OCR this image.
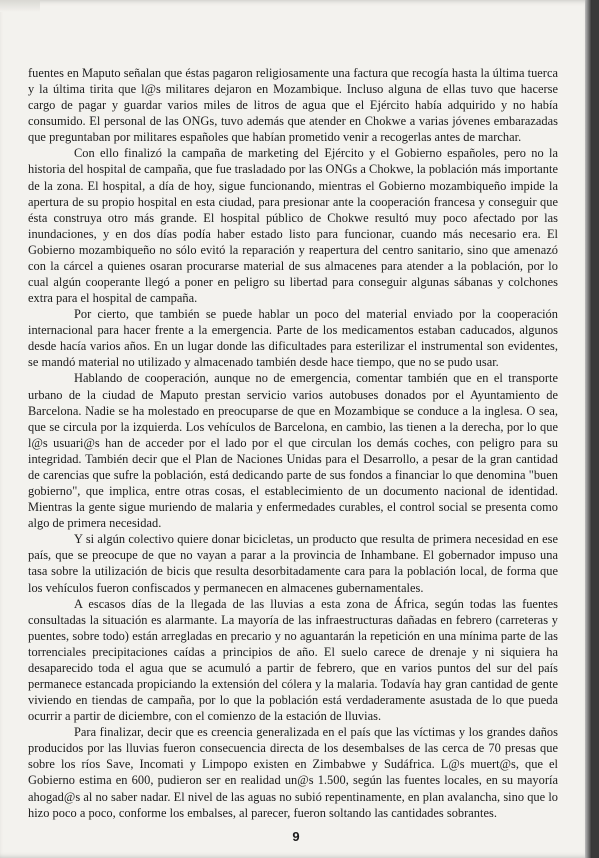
fuentes en Maputo señalan que éstas pagaron religiosamente una factura que recogía hasta la última tuerca y la última tirita que l@s militares dejaron en Mozambique. Incluso alguna de ellas tuvo que hacerse cargo de pagar y guardar varios miles de litros de agua que el Ejército había adquirido y no había consumido. El personal de las ONGs, tuvo además que atender en Chokwe a varias jóvenes embarazadas que preguntaban por militares españoles que habían prometido venir a recogerlas antes de marchar.

Con ello finalizó la campaña de marketing del Ejército y el Gobierno españoles, pero no la historia del hospital de campaña, que fue trasladado por las ONGs a Chokwe, la población más importante de la zona. El hospital, a día de hoy, sigue funcionando, mientras el Gobierno mozambiqueño impide la apertura de su propio hospital en esta ciudad, para presionar ante la cooperación francesa y conseguir que ésta construya otro más grande. El hospital público de Chokwe resultó muy poco afectado por las inundaciones, y en dos días podía haber estado listo para funcionar, cuando más necesario era. El Gobierno mozambiqueño no sólo evitó la reparación y reapertura del centro sanitario, sino que amenazó con la cárcel a quienes osaran procurarse material de sus almacenes para atender a la población, por lo cual algún cooperante llegó a poner en peligro su libertad para conseguir algunas sábanas y colchones extra para el hospital de campaña.

Por cierto, que también se puede hablar un poco del material enviado por la cooperación internacional para hacer frente a la emergencia. Parte de los medicamentos estaban caducados, algunos desde hacía varios años. En un lugar donde las dificultades para esterilizar el instrumental son evidentes, se mandó material no utilizado y almacenado también desde hace tiempo, que no se pudo usar.

Hablando de cooperación, aunque no de emergencia, comentar también que en el transporte urbano de la ciudad de Maputo prestan servicio varios autobuses donados por el Ayuntamiento de Barcelona. Nadie se ha molestado en preocuparse de que en Mozambique se conduce a la inglesa. O sea, que se circula por la izquierda. Los vehículos de Barcelona, en cambio, las tienen a la derecha, por lo que l@s usuari@s han de acceder por el lado por el que circulan los demás coches, con peligro para su integridad. También decir que el Plan de Naciones Unidas para el Desarrollo, a pesar de la gran cantidad de carencias que sufre la población, está dedicando parte de sus fondos a financiar lo que denomina "buen gobierno", que implica, entre otras cosas, el establecimiento de un documento nacional de identidad. Mientras la gente sigue muriendo de malaria y enfermedades curables, el control social se presenta como algo de primera necesidad.

Y si algún colectivo quiere donar bicicletas, un producto que resulta de primera necesidad en ese país, que se preocupe de que no vayan a parar a la provincia de Inhambane. El gobernador impuso una tasa sobre la utilización de bicis que resulta desorbitadamente cara para la población local, de forma que los vehículos fueron confiscados y permanecen en almacenes gubernamentales.

A escasos días de la llegada de las lluvias a esta zona de África, según todas las fuentes consultadas la situación es alarmante. La mayoría de las infraestructuras dañadas en febrero (carreteras y puentes, sobre todo) están arregladas en precario y no aguantarán la repetición en una mínima parte de las torrenciales precipitaciones caídas a principios de año. El suelo carece de drenaje y ni siquiera ha desaparecido toda el agua que se acumuló a partir de febrero, que en varios puntos del sur del país permanece estancada propiciando la extensión del cólera y la malaria. Todavía hay gran cantidad de gente viviendo en tiendas de campaña, por lo que la población está verdaderamente asustada de lo que pueda ocurrir a partir de diciembre, con el comienzo de la estación de lluvias.

Para finalizar, decir que es creencia generalizada en el país que las víctimas y los grandes daños producidos por las lluvias fueron consecuencia directa de los desembalses de las cerca de 70 presas que sobre los ríos Save, Incomati y Limpopo existen en Zimbabwe y Sudáfrica. L@s muert@s, que el Gobierno estima en 600, pudieron ser en realidad un@s 1.500, según las fuentes locales, en su mayoría ahogad@s al no saber nadar. El nivel de las aguas no subió repentinamente, en plan avalancha, sino que lo hizo poco a poco, conforme los embalses, al parecer, fueron soltando las cantidades sobrantes.

9
